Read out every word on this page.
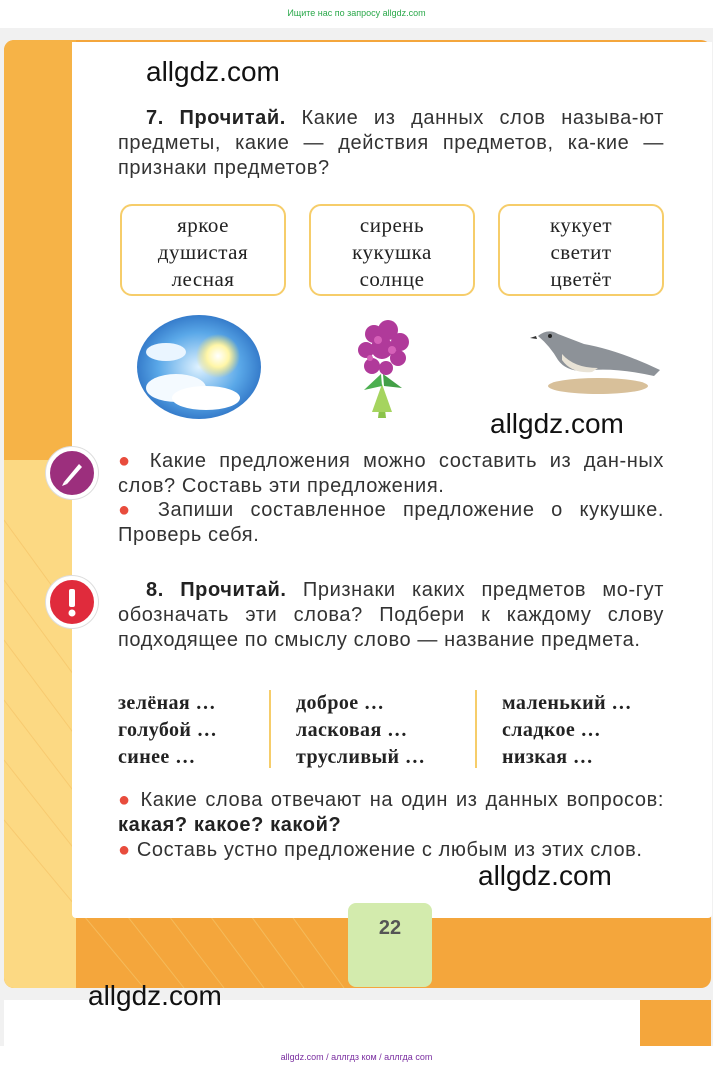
Ищите нас по запросу allgdz.com
allgdz.com
7. Прочитай. Какие из данных слов называ-ют предметы, какие — действия предметов, ка-кие — признаки предметов?
яркое
душистая
лесная
сирень
кукушка
солнце
кукует
светит
цветёт
allgdz.com
● Какие предложения можно составить из дан-ных слов? Составь эти предложения.
● Запиши составленное предложение о кукушке. Проверь себя.
8. Прочитай. Признаки каких предметов мо-гут обозначать эти слова? Подбери к каждому слову подходящее по смыслу слово — название предмета.
зелёная …
голубой …
синее …
доброе …
ласковая …
трусливый …
маленький …
сладкое …
низкая …
● Какие слова отвечают на один из данных вопросов: какая? какое? какой?
● Составь устно предложение с любым из этих слов.
allgdz.com
22
allgdz.com
allgdz.com / аллгдз ком / аллгда com
